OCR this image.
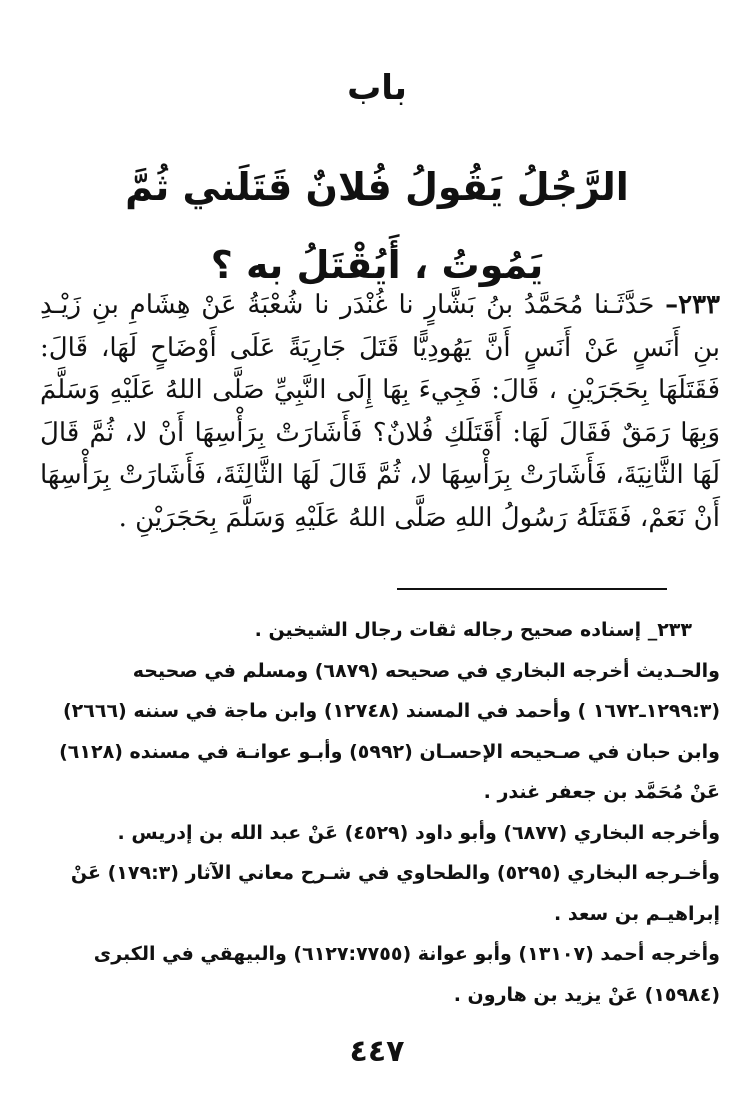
باب
الرَّجُلُ يَقُولُ فُلانٌ قَتَلَني ثُمَّ يَمُوتُ ، أَيُقْتَلُ به ؟
٢٣٣– حَدَّثَـنا مُحَمَّدُ بنُ بَشَّارٍ نا غُنْدَر نا شُعْبَةُ عَنْ هِشَامِ بنِ زَيْـدِ بنِ أَنَسٍ عَنْ أَنَسٍ أَنَّ يَهُودِيًّا قَتَلَ جَارِيَةً عَلَى أَوْضَاحٍ لَهَا، قَالَ: فَقَتَلَهَا بِحَجَرَيْنِ ، قَالَ: فَجِيءَ بِهَا إِلَى النَّبِيِّ صَلَّى اللهُ عَلَيْهِ وَسَلَّمَ وَبِهَا رَمَقٌ فَقَالَ لَهَا: أَقَتَلَكِ فُلانٌ؟ فَأَشَارَتْ بِرَأْسِهَا أَنْ لا، ثُمَّ قَالَ لَهَا الثَّانِيَةَ، فَأَشَارَتْ بِرَأْسِهَا لا، ثُمَّ قَالَ لَهَا الثَّالِثَةَ، فَأَشَارَتْ بِرَأْسِهَا أَنْ نَعَمْ، فَقَتَلَهُ رَسُولُ اللهِ صَلَّى اللهُ عَلَيْهِ وَسَلَّمَ بِحَجَرَيْنِ .

٢٣٣_ إسناده صحيح رجاله ثقات رجال الشيخين .

والحـديث أخرجه البخاري في صحيحه (٦٨٧٩) ومسلم في صحيحه (١٢٩٩:٣ـ١٦٧٢ ) وأحمد في المسند (١٢٧٤٨) وابن ماجة في سننه (٢٦٦٦) وابن حبان في صـحيحه الإحسـان (٥٩٩٢) وأبـو عوانـة في مسنده (٦١٢٨) عَنْ مُحَمَّد بن جعفر غندر .

وأخرجه البخاري (٦٨٧٧) وأبو داود (٤٥٢٩) عَنْ عبد الله بن إدريس .

وأخـرجه البخاري (٥٢٩٥) والطحاوي في شـرح معاني الآثار (١٧٩:٣) عَنْ إبراهيـم بن سعد .

وأخرجه أحمد (١٣١٠٧) وأبو عوانة (٦١٢٧:٧٧٥٥) والبيهقي في الكبرى (١٥٩٨٤) عَنْ يزيد بن هارون .

٤٤٧
